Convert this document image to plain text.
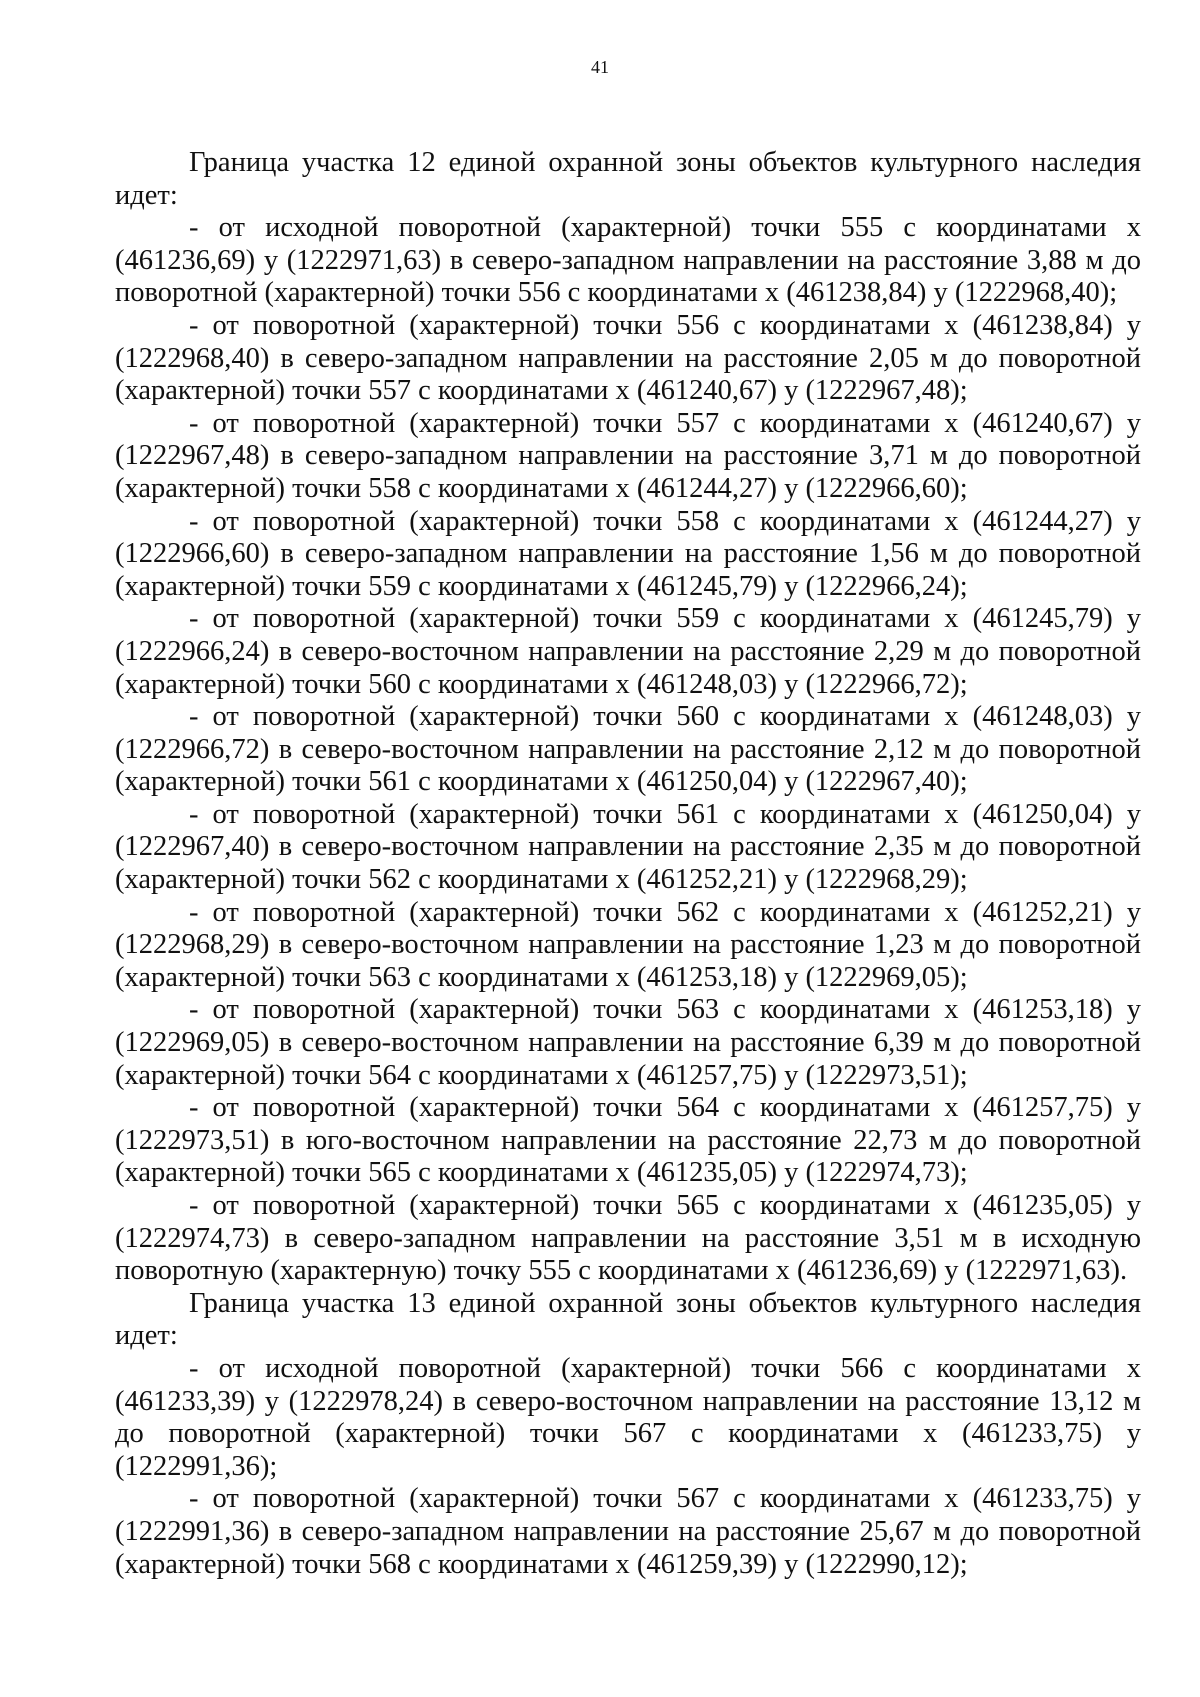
41

Граница участка 12 единой охранной зоны объектов культурного наследия идет:

- от исходной поворотной (характерной) точки 555 с координатами x (461236,69) y (1222971,63) в северо-западном направлении на расстояние 3,88 м до поворотной (характерной) точки 556 с координатами x (461238,84) y (1222968,40);

- от поворотной (характерной) точки 556 с координатами x (461238,84) y (1222968,40) в северо-западном направлении на расстояние 2,05 м до поворотной (характерной) точки 557 с координатами x (461240,67) y (1222967,48);

- от поворотной (характерной) точки 557 с координатами x (461240,67) y (1222967,48) в северо-западном направлении на расстояние 3,71 м до поворотной (характерной) точки 558 с координатами x (461244,27) y (1222966,60);

- от поворотной (характерной) точки 558 с координатами x (461244,27) y (1222966,60) в северо-западном направлении на расстояние 1,56 м до поворотной (характерной) точки 559 с координатами x (461245,79) y (1222966,24);

- от поворотной (характерной) точки 559 с координатами x (461245,79) y (1222966,24) в северо-восточном направлении на расстояние 2,29 м до поворотной (характерной) точки 560 с координатами x (461248,03) y (1222966,72);

- от поворотной (характерной) точки 560 с координатами x (461248,03) y (1222966,72) в северо-восточном направлении на расстояние 2,12 м до поворотной (характерной) точки 561 с координатами x (461250,04) y (1222967,40);

- от поворотной (характерной) точки 561 с координатами x (461250,04) y (1222967,40) в северо-восточном направлении на расстояние 2,35 м до поворотной (характерной) точки 562 с координатами x (461252,21) y (1222968,29);

- от поворотной (характерной) точки 562 с координатами x (461252,21) y (1222968,29) в северо-восточном направлении на расстояние 1,23 м до поворотной (характерной) точки 563 с координатами x (461253,18) y (1222969,05);

- от поворотной (характерной) точки 563 с координатами x (461253,18) y (1222969,05) в северо-восточном направлении на расстояние 6,39 м до поворотной (характерной) точки 564 с координатами x (461257,75) y (1222973,51);

- от поворотной (характерной) точки 564 с координатами x (461257,75) y (1222973,51) в юго-восточном направлении на расстояние 22,73 м до поворотной (характерной) точки 565 с координатами x (461235,05) y (1222974,73);

- от поворотной (характерной) точки 565 с координатами x (461235,05) y (1222974,73) в северо-западном направлении на расстояние 3,51 м в исходную поворотную (характерную) точку 555 с координатами x (461236,69) y (1222971,63).

Граница участка 13 единой охранной зоны объектов культурного наследия идет:

- от исходной поворотной (характерной) точки 566 с координатами x (461233,39) y (1222978,24) в северо-восточном направлении на расстояние 13,12 м до поворотной (характерной) точки 567 с координатами x (461233,75) y (1222991,36);

- от поворотной (характерной) точки 567 с координатами x (461233,75) y (1222991,36) в северо-западном направлении на расстояние 25,67 м до поворотной (характерной) точки 568 с координатами x (461259,39) y (1222990,12);
